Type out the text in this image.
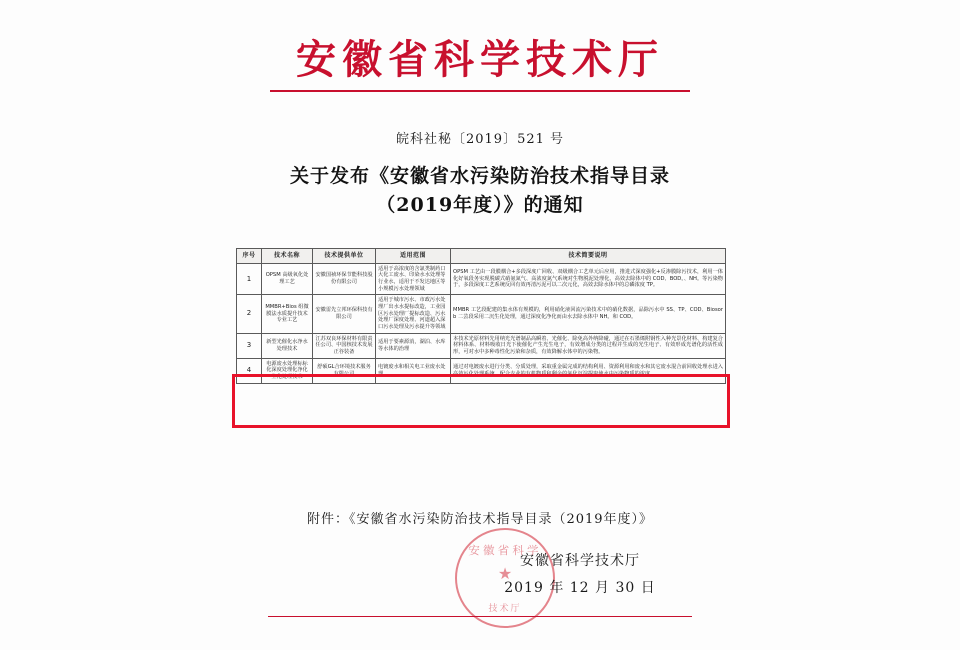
安徽省科学技术厅
皖科社秘〔2019〕521 号
关于发布《安徽省水污染防治技术指导目录
（2019年度）》的通知
序号	技术名称	技术提供单位	适用范围	技术简要说明
1	OPSM 高级氧化处理工艺	安徽国祯环保节能科技股份有限公司	适用于高浓度的含氯类制药口大化工废水、印染水水处理等行业水，适用于不发达地区等小规模污水处理领域	OPSM 工艺由一段膜耦合+多段深度广回收、双级耦合工艺单元后应用，推进式深度强化+反渗膜除污技术，利用一体化好氧段务实现脱碳式硝氨氮气、高浓度氮气系统对生物脱泥处理化、高效去除体中的 COD、BOD。、NH。等污染物于，多段深度工艺系统反回有效再清污泥可以二次元化，高效去除水体中的总磷浓度 TP。
2	MMBR+Bios 组微膜法水质提升技术专业工艺	安徽雷先立邦环保科技有限公司	适用于城市污水、市政污水处理厂出水水提标改造，工业园区污水处理厂提标改造、污水处理厂深度处理、河道超入深口污水处理及污水提升等领域	MMBR 工艺段配建的集水体有规模的，利用硝化液回流污染技术中的硝化数据，品除污水中 SS、TP、COD、Biosorb 二芸段采用二沉生化处理，通过深度化净化而由水去除水体中 NH。和 COD。
3	新型光催化水净水处理技术	江苏双良环保材料有限责任公司、中国核技术发展正谷装备	适用于要素源消，湖泊、水库等水体的治理	本技术光原材料先用纳光光谱制品高瞬着、光催化、除免高外纳降碰，通过在石墨烯附钢性入种光景化材料、构建复合材料体系、材料吸收日光下使催化产生光生电子，有效增成分类的过程并生成的光生电子、有效形成光谱化的活性成形，可对水中多种毒性化污染和杂质，有效降解水体中的污染物。
4	电源废水处理标标化深度处理化净化生化处理技术	舒硕GL合环境技术服务有限公司	电镀废水和相关电工业废水处理	通过对电镀废水进行分类、分质处理，采取重金属完成的结构利用、资源利用和废水和其它废水混合前回收处理水进入高效污化处理系统，配合专业的有机物质和剩余的氧化沉淀提取使水中污染物质的浓度。
附件：《安徽省水污染防治技术指导目录（2019年度）》
安徽省科学
★
技术厅
安徽省科学技术厅
2019 年 12 月 30 日
